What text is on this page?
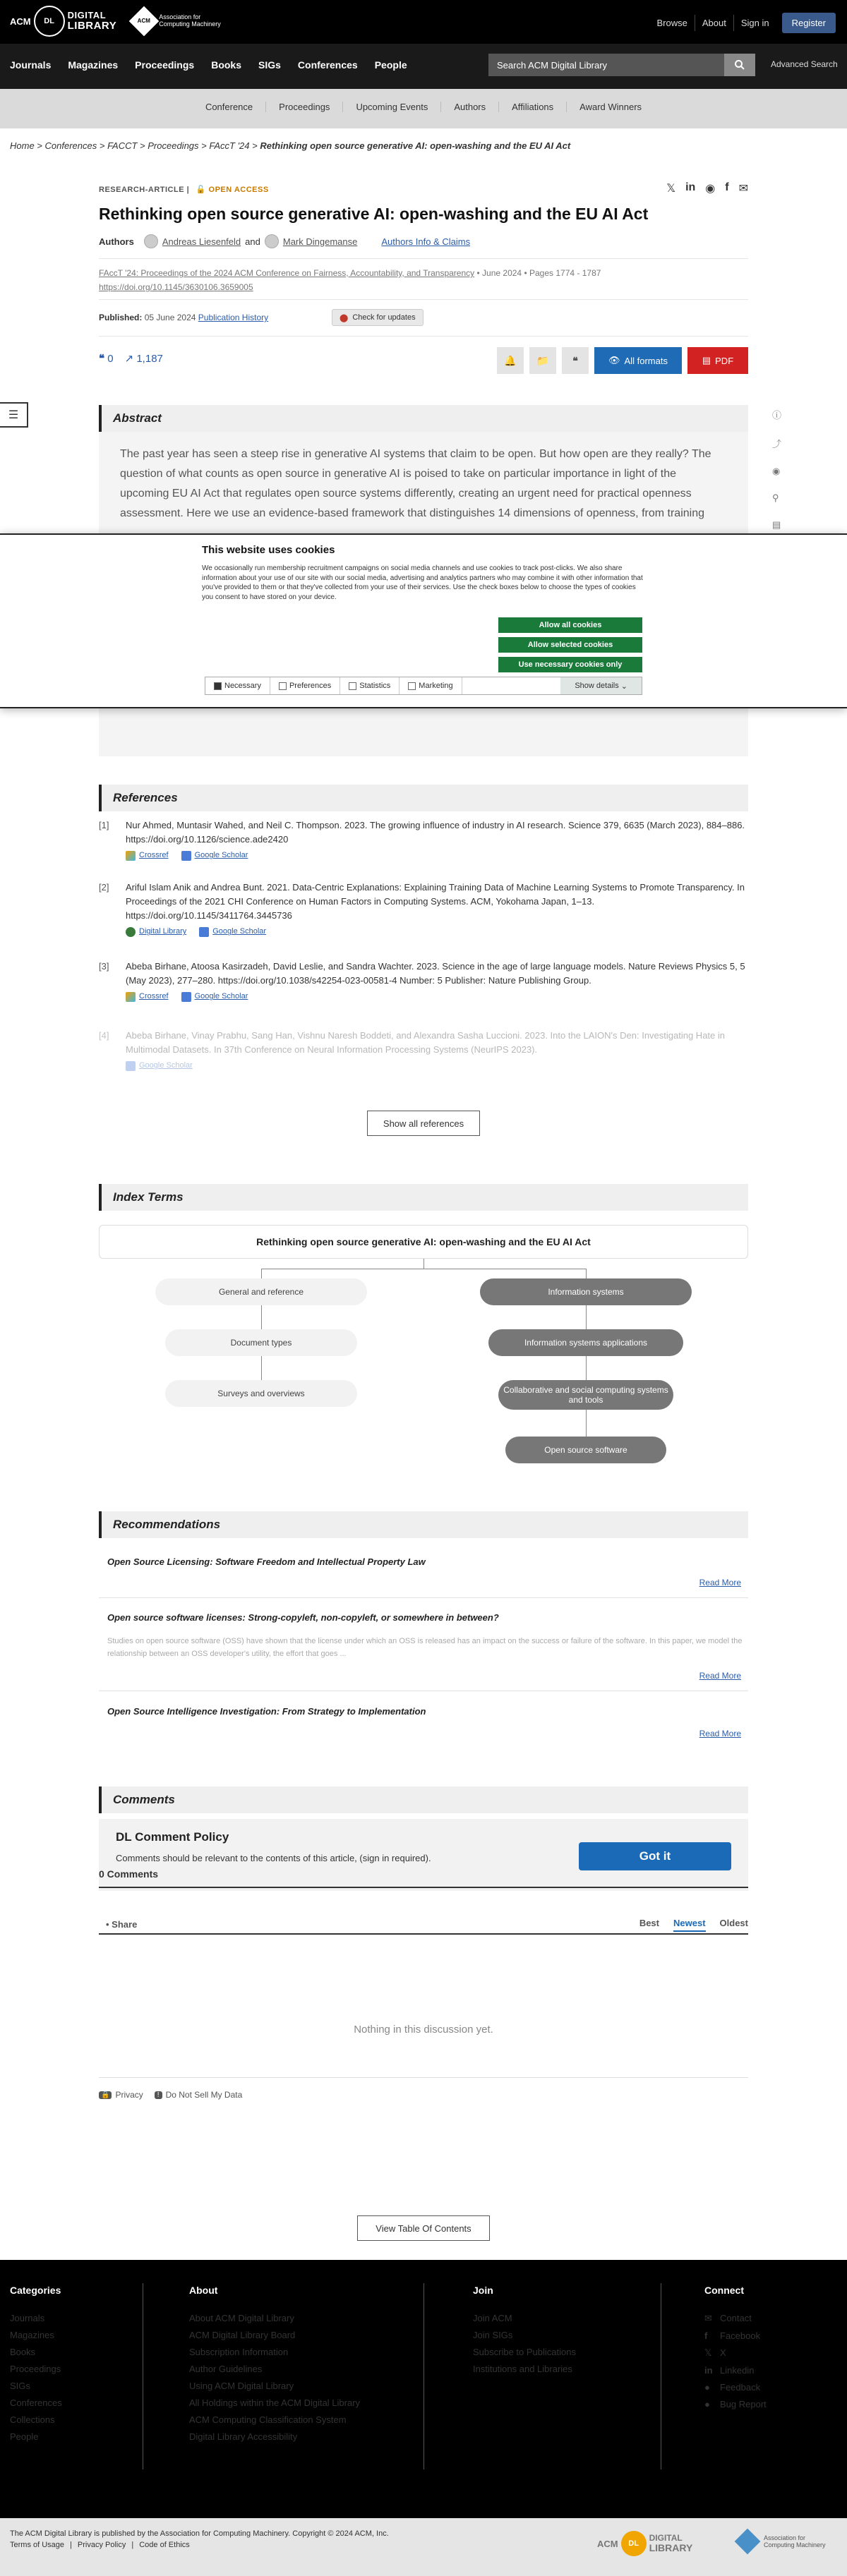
ACM	DL
DIGITAL
LIBRARY	ACM Association for
Computing Machinery	Browse	About	Sign in	Register
Journals	Magazines	Proceedings	Books	SIGs	Conferences	People	Search ACM Digital Library	Advanced Search
Conference	Proceedings	Upcoming Events	Authors	Affiliations	Award Winners
Home > Conferences > FACCT > Proceedings > FAccT '24 > Rethinking open source generative AI: open-washing and the EU AI Act
RESEARCH-ARTICLE | 🔓 OPEN ACCESS	𝕏 in ◉ f ✉
Rethinking open source generative AI: open-washing and the EU AI Act
Authors	Andreas Liesenfeld and Mark Dingemanse	Authors Info & Claims
FAccT '24: Proceedings of the 2024 ACM Conference on Fairness, Accountability, and Transparency • June 2024 • Pages 1774 - 1787
https://doi.org/10.1145/3630106.3659005
Published: 05 June 2024 Publication History	⬤ Check for updates
❝ 0 ↗ 1,187	🔔 📁 ❝	👁 All formats	▤ PDF
☰	ⓘ
⤴
◉
⚲
▤
Abstract

The past year has seen a steep rise in generative AI systems that claim to be open. But how open are they really? The question of what counts as open source in generative AI is poised to take on particular importance in light of the upcoming EU AI Act that regulates open source systems differently, creating an urgent need for practical openness assessment. Here we use an evidence-based framework that distinguishes 14 dimensions of openness, from training

This website uses cookies
We occasionally run membership recruitment campaigns on social media channels and use cookies to track post-clicks. We also share information about your use of our site with our social media, advertising and analytics partners who may combine it with other information that you've provided to them or that they've collected from your use of their services. Use the check boxes below to choose the types of cookies you consent to have stored on your device.
Allow all cookies
Allow selected cookies
Use necessary cookies only
Necessary	Preferences	Statistics	Marketing	Show details
⌄
References
[1] Nur Ahmed, Muntasir Wahed, and Neil C. Thompson. 2023. The growing influence of industry in AI research. Science 379, 6635 (March 2023), 884–886. https://doi.org/10.1126/science.ade2420
Crossref	Google Scholar
[2] Ariful Islam Anik and Andrea Bunt. 2021. Data-Centric Explanations: Explaining Training Data of Machine Learning Systems to Promote Transparency. In Proceedings of the 2021 CHI Conference on Human Factors in Computing Systems. ACM, Yokohama Japan, 1–13. https://doi.org/10.1145/3411764.3445736
Digital Library	Google Scholar
[3] Abeba Birhane, Atoosa Kasirzadeh, David Leslie, and Sandra Wachter. 2023. Science in the age of large language models. Nature Reviews Physics 5, 5 (May 2023), 277–280. https://doi.org/10.1038/s42254-023-00581-4 Number: 5 Publisher: Nature Publishing Group.
Crossref	Google Scholar
[4] Abeba Birhane, Vinay Prabhu, Sang Han, Vishnu Naresh Boddeti, and Alexandra Sasha Luccioni. 2023. Into the LAION's Den: Investigating Hate in Multimodal Datasets. In 37th Conference on Neural Information Processing Systems (NeurIPS 2023).
Google Scholar
Show all references
Index Terms
Rethinking open source generative AI: open-washing and the EU AI Act
General and reference
Document types
Surveys and overviews
Information systems
Information systems applications
Collaborative and social computing systems and tools
Open source software
Recommendations
Open Source Licensing: Software Freedom and Intellectual Property Law
Read More
Open source software licenses: Strong-copyleft, non-copyleft, or somewhere in between?

Studies on open source software (OSS) have shown that the license under which an OSS is released has an impact on the success or failure of the software. In this paper, we model the relationship between an OSS developer's utility, the effort that goes ...

Read More
Open Source Intelligence Investigation: From Strategy to Implementation
Read More
Comments
DL Comment Policy
Comments should be relevant to the contents of this article, (sign in required).	Got it
0 Comments
• Share	Best Newest Oldest
Nothing in this discussion yet.
🔒 Privacy	! Do Not Sell My Data
View Table Of Contents
Categories
Journals
Magazines
Books
Proceedings
SIGs
Conferences
Collections
People
About
About ACM Digital Library
ACM Digital Library Board
Subscription Information
Author Guidelines
Using ACM Digital Library
All Holdings within the ACM Digital Library
ACM Computing Classification System
Digital Library Accessibility
Join
Join ACM
Join SIGs
Subscribe to Publications
Institutions and Libraries
Connect
✉ Contact
f Facebook
𝕏 X
in Linkedin
● Feedback
● Bug Report
The ACM Digital Library is published by the Association for Computing Machinery. Copyright © 2024 ACM, Inc.
Terms of Usage | Privacy Policy | Code of Ethics	ACM	DL
DIGITAL
LIBRARY
Association for
Computing Machinery
